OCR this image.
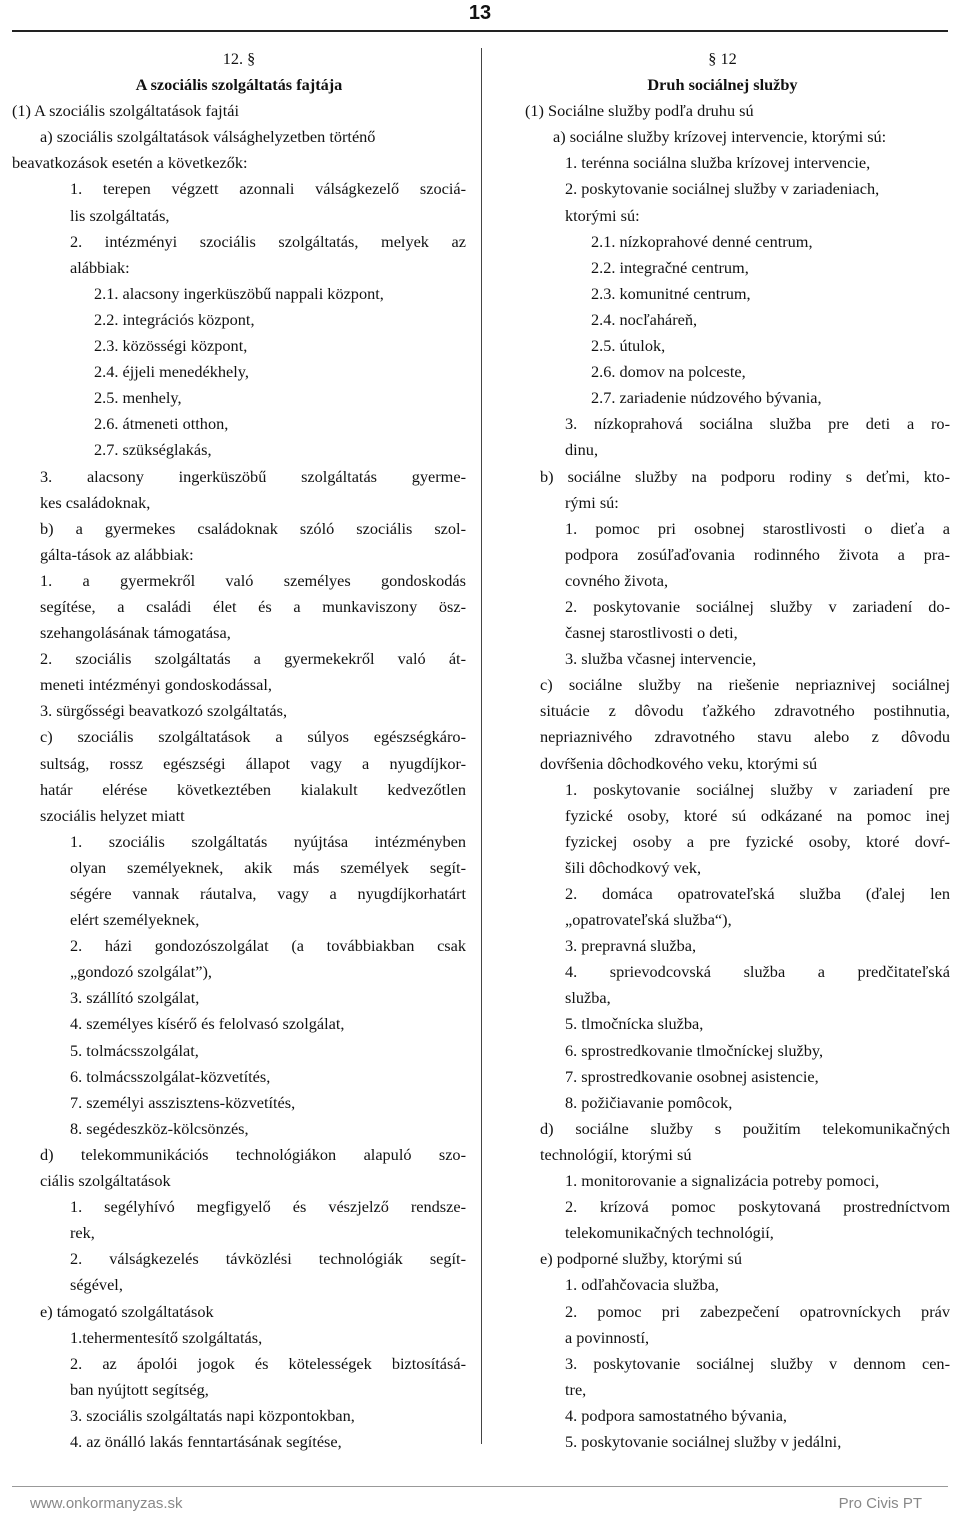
13
12. §
A szociális szolgáltatás fajtája
(1) A szociális szolgáltatások fajtái
a) szociális szolgáltatások válsághelyzetben történő
beavatkozások esetén a következők:
1. terepen végzett azonnali válságkezelő szociá-
lis szolgáltatás,
2. intézményi szociális szolgáltatás, melyek az
alábbiak:
2.1. alacsony ingerküszöbű nappali központ,
2.2. integrációs központ,
2.3. közösségi központ,
2.4. éjjeli menedékhely,
2.5. menhely,
2.6. átmeneti otthon,
2.7. szükséglakás,
3. alacsony ingerküszöbű szolgáltatás gyerme-
kes családoknak,
b) a gyermekes családoknak szóló szociális szol-
gálta-tások az alábbiak:
1. a gyermekről való személyes gondoskodás
segítése, a családi élet és a munkaviszony ösz-
szehangolásának támogatása,
2. szociális szolgáltatás a gyermekekről való át-
meneti intézményi gondoskodással,
3. sürgősségi beavatkozó szolgáltatás,
c) szociális szolgáltatások a súlyos egészségkáro-
sultság, rossz egészségi állapot vagy a nyugdíjkor-
határ elérése következtében kialakult kedvezőtlen
szociális helyzet miatt
1. szociális szolgáltatás nyújtása intézményben
olyan személyeknek, akik más személyek segít-
ségére vannak ráutalva, vagy a nyugdíjkorhatárt
elért személyeknek,
2. házi gondozószolgálat (a továbbiakban csak
„gondozó szolgálat”),
3. szállító szolgálat,
4. személyes kísérő és felolvasó szolgálat,
5. tolmácsszolgálat,
6. tolmácsszolgálat-közvetítés,
7. személyi asszisztens-közvetítés,
8. segédeszköz-kölcsönzés,
d) telekommunikációs technológiákon alapuló szo-
ciális szolgáltatások
1. segélyhívó megfigyelő és vészjelző rendsze-
rek,
2. válságkezelés távközlési technológiák segít-
ségével,
e) támogató szolgáltatások
1.tehermentesítő szolgáltatás,
2. az ápolói jogok és kötelességek biztosításá-
ban nyújtott segítség,
3. szociális szolgáltatás napi központokban,
4. az önálló lakás fenntartásának segítése,
§ 12
Druh sociálnej služby
(1) Sociálne služby podľa druhu sú
a) sociálne služby krízovej intervencie, ktorými sú:
1. terénna sociálna služba krízovej intervencie,
2. poskytovanie sociálnej služby v zariadeniach,
ktorými sú:
2.1. nízkoprahové denné centrum,
2.2. integračné centrum,
2.3. komunitné centrum,
2.4. nocľaháreň,
2.5. útulok,
2.6. domov na polceste,
2.7. zariadenie núdzového bývania,
3. nízkoprahová sociálna služba pre deti a ro-
dinu,
b) sociálne služby na podporu rodiny s deťmi, kto-
rými sú:
1. pomoc pri osobnej starostlivosti o dieťa a
podpora zosúľaďovania rodinného života a pra-
covného života,
2. poskytovanie sociálnej služby v zariadení do-
časnej starostlivosti o deti,
3. služba včasnej intervencie,
c) sociálne služby na riešenie nepriaznivej sociálnej
situácie z dôvodu ťažkého zdravotného postihnutia,
nepriaznivého zdravotného stavu alebo z dôvodu
dovŕšenia dôchodkového veku, ktorými sú
1. poskytovanie sociálnej služby v zariadení pre
fyzické osoby, ktoré sú odkázané na pomoc inej
fyzickej osoby a pre fyzické osoby, ktoré dovŕ-
šili dôchodkový vek,
2. domáca opatrovateľská služba (ďalej len
„opatrovateľská služba“),
3. prepravná služba,
4. sprievodcovská služba a predčitateľská
služba,
5. tlmočnícka služba,
6. sprostredkovanie tlmočníckej služby,
7. sprostredkovanie osobnej asistencie,
8. požičiavanie pomôcok,
d) sociálne služby s použitím telekomunikačných
technológií, ktorými sú
1. monitorovanie a signalizácia potreby pomoci,
2. krízová pomoc poskytovaná prostredníctvom
telekomunikačných technológií,
e) podporné služby, ktorými sú
1. odľahčovacia služba,
2. pomoc pri zabezpečení opatrovníckych práv
a povinností,
3. poskytovanie sociálnej služby v dennom cen-
tre,
4. podpora samostatného bývania,
5. poskytovanie sociálnej služby v jedálni,
www.onkormanyzas.sk	Pro Civis PT
